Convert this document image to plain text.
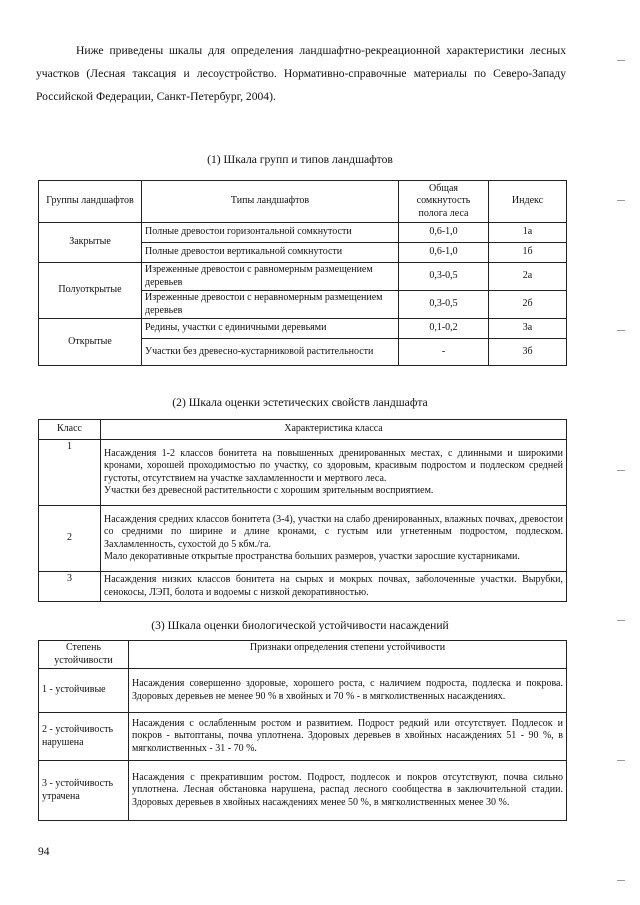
Ниже приведены шкалы для определения ландшафтно-рекреационной характеристики лесных участков (Лесная таксация и лесоустройство. Нормативно-справочные материалы по Северо-Западу Российской Федерации, Санкт-Петербург, 2004).

(1) Шкала групп и типов ландшафтов
Группы ландшафтов	Типы ландшафтов	Общая сомкнутость полога леса	Индекс
Закрытые	Полные древостои горизонтальной сомкнутости	0,6-1,0	1а
	Полные древостои вертикальной сомкнутости	0,6-1,0	1б
Полуоткрытые	Изреженные древостои с равномерным размещением деревьев	0,3-0,5	2а
	Изреженные древостои с неравномерным размещением деревьев	0,3-0,5	2б
Открытые	Редины, участки с единичными деревьями	0,1-0,2	3а
	Участки без древесно-кустарниковой растительности	-	3б
(2) Шкала оценки эстетических свойств ландшафта
Класс	Характеристика класса
1	Насаждения 1-2 классов бонитета на повышенных дренированных местах, с длинными и широкими кронами, хорошей проходимостью по участку, со здоровым, красивым подростом и подлеском средней густоты, отсутствием на участке захламленности и мертвого леса.
Участки без древесной растительности с хорошим зрительным восприятием.

2	Насаждения средних классов бонитета (3-4), участки на слабо дренированных, влажных почвах, древостои со средними по ширине и длине кронами, с густым или угнетенным подростом, подлеском. Захламленность, сухостой до 5 кбм./га.
Мало декоративные открытые пространства больших размеров, участки заросшие кустарниками.

3	Насаждения низких классов бонитета на сырых и мокрых почвах, заболоченные участки. Вырубки, сенокосы, ЛЭП, болота и водоемы с низкой декоративностью.
(3) Шкала оценки биологической устойчивости насаждений
Степень устойчивости	Признаки определения степени устойчивости
1 - устойчивые	Насаждения совершенно здоровые, хорошего роста, с наличием подроста, подлеска и покрова. Здоровых деревьев не менее 90 % в хвойных и 70 % - в мягколиственных насаждениях.
2 - устойчивость нарушена	Насаждения с ослабленным ростом и развитием. Подрост редкий или отсутствует. Подлесок и покров - вытоптаны, почва уплотнена. Здоровых деревьев в хвойных насаждениях 51 - 90 %, в мягколиственных - 31 - 70 %.
3 - устойчивость утрачена	Насаждения с прекратившим ростом. Подрост, подлесок и покров отсутствуют, почва сильно уплотнена. Лесная обстановка нарушена, распад лесного сообщества в заключительной стадии. Здоровых деревьев в хвойных насаждениях менее 50 %, в мягколиственных менее 30 %.
94
